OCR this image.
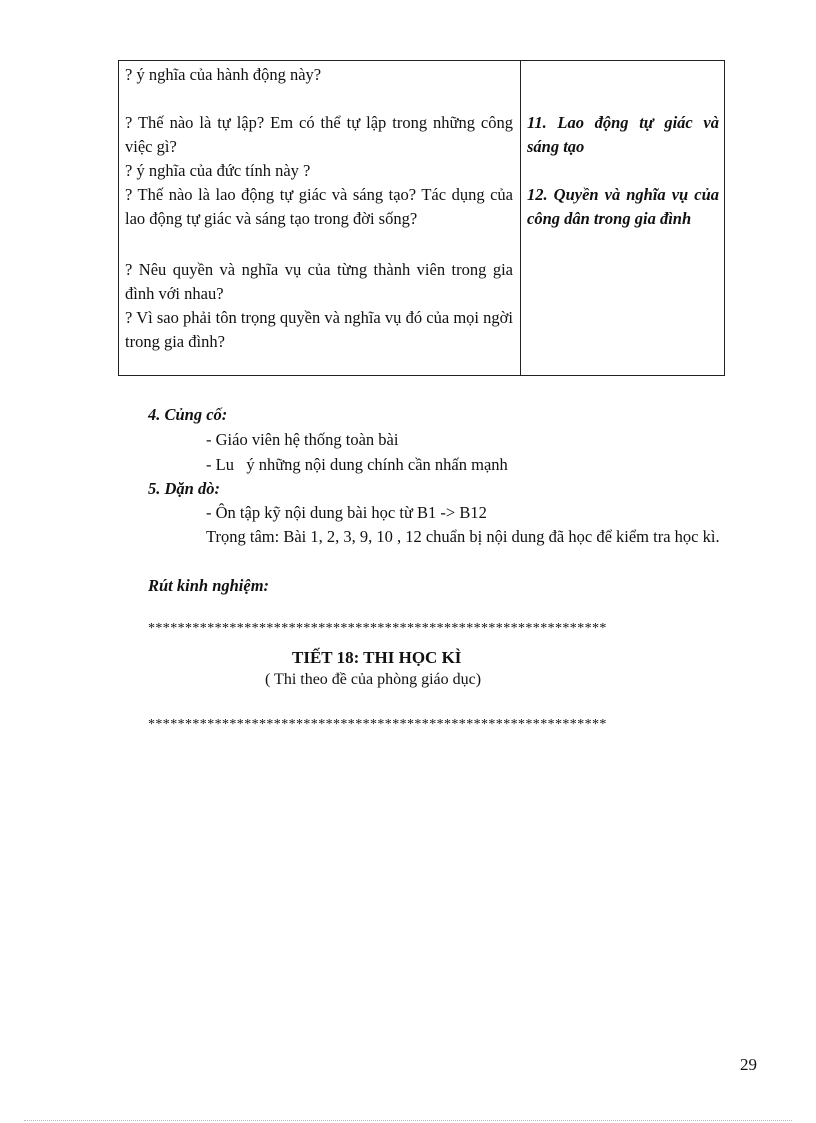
? ý nghĩa của hành động này?
? Thế nào là tự lập? Em có thể tự lập trong những công việc gì?
? ý nghĩa của đức tính này ?
? Thế nào là lao động tự giác và sáng tạo? Tác dụng của lao động tự giác và sáng tạo trong đời sống?
? Nêu quyền và nghĩa vụ của từng thành viên trong gia đình với nhau?
? Vì sao phải tôn trọng quyền và nghĩa vụ đó của mọi ngời trong gia đình?
11. Lao động tự giác và sáng tạo
12. Quyền và nghĩa vụ của công dân trong gia đình
4. Củng cố:
- Giáo viên hệ thống toàn bài
- Lu   ý những nội dung chính cần nhấn mạnh
5. Dặn dò:
- Ôn tập kỹ nội dung bài học từ B1 -> B12
Trọng tâm: Bài 1, 2, 3, 9, 10 , 12 chuẩn bị nội dung đã học để kiểm tra học kì.
Rút kinh nghiệm:
**************************************************************
TIẾT 18: THI HỌC KÌ
( Thi theo đề của phòng giáo dục)
**************************************************************
29
